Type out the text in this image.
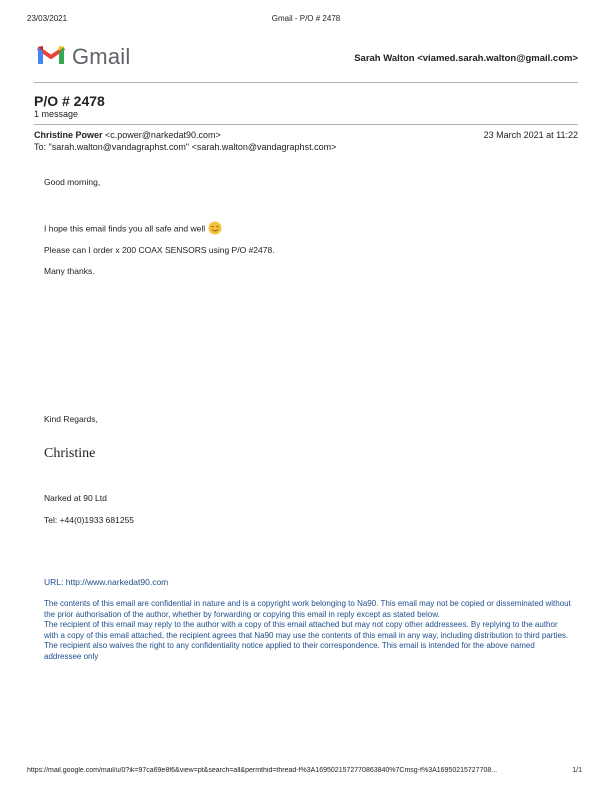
23/03/2021	Gmail - P/O # 2478
Gmail	Sarah Walton <viamed.sarah.walton@gmail.com>
P/O # 2478
1 message
Christine Power <c.power@narkedat90.com>	23 March 2021 at 11:22
To: "sarah.walton@vandagraphst.com" <sarah.walton@vandagraphst.com>
Good morning,
I hope this email finds you all safe and well
Please can I order x 200 COAX SENSORS using P/O #2478.
Many thanks.
Kind Regards,
Christine
Narked at 90 Ltd
Tel: +44(0)1933 681255
URL: http://www.narkedat90.com

The contents of this email are confidential in nature and is a copyright work belonging to Na90. This email may not be copied or disseminated without the prior authorisation of the author, whether by forwarding or copying this email in reply except as stated below.

The recipient of this email may reply to the author with a copy of this email attached but may not copy other addressees. By replying to the author with a copy of this email attached, the recipient agrees that Na90 may use the contents of this email in any way, including distribution to third parties. The recipient also waives the right to any confidentiality notice applied to their correspondence. This email is intended for the above named addressee only

https://mail.google.com/mail/u/0?ik=97ca69e8f6&view=pt&search=all&permthid=thread-f%3A1695021572770863840%7Cmsg-f%3A16950215727708...	1/1
